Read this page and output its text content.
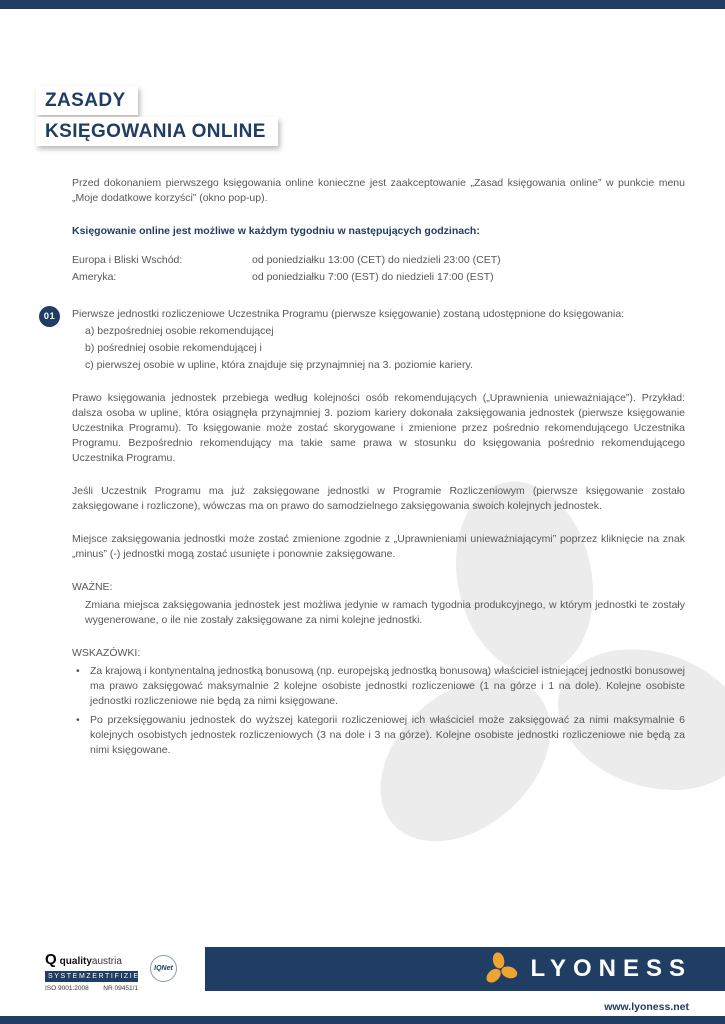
ZASADY
KSIĘGOWANIA ONLINE

Przed dokonaniem pierwszego księgowania online konieczne jest zaakceptowanie „Zasad księgowania online” w punkcie menu „Moje dodatkowe korzyści” (okno pop-up).

Księgowanie online jest możliwe w każdym tygodniu w następujących godzinach:

Europa i Bliski Wschód:	od poniedziałku 13:00 (CET) do niedzieli 23:00 (CET)
Ameryka:	od poniedziałku 7:00 (EST) do niedzieli 17:00 (EST)
01	Pierwsze jednostki rozliczeniowe Uczestnika Programu (pierwsze księgowanie) zostaną udostępnione do księgowania:

a) bezpośredniej osobie rekomendującej

b) pośredniej osobie rekomendującej i

c) pierwszej osobie w upline, która znajduje się przynajmniej na 3. poziomie kariery.

Prawo księgowania jednostek przebiega według kolejności osób rekomendujących („Uprawnienia unieważniające”). Przykład: dalsza osoba w upline, która osiągnęła przynajmniej 3. poziom kariery dokonała zaksięgowania jednostek (pierwsze księgowanie Uczestnika Programu). To księgowanie może zostać skorygowane i zmienione przez pośrednio rekomendującego Uczestnika Programu. Bezpośrednio rekomendujący ma takie same prawa w stosunku do księgowania pośrednio rekomendującego Uczestnika Programu.

Jeśli Uczestnik Programu ma już zaksięgowane jednostki w Programie Rozliczeniowym (pierwsze księgowanie zostało zaksięgowane i rozliczone), wówczas ma on prawo do samodzielnego zaksięgowania swoich kolejnych jednostek.

Miejsce zaksięgowania jednostki może zostać zmienione zgodnie z „Uprawnieniami unieważniającymi” poprzez kliknięcie na znak „minus” (-) jednostki mogą zostać usunięte i ponownie zaksięgowane.

WAŻNE:

Zmiana miejsca zaksięgowania jednostek jest możliwa jedynie w ramach tygodnia produkcyjnego, w którym jednostki te zostały wygenerowane, o ile nie zostały zaksięgowane za nimi kolejne jednostki.

WSKAZÓWKI:

• Za krajową i kontynentalną jednostką bonusową (np. europejską jednostką bonusową) właściciel istniejącej jednostki bonusowej ma prawo zaksięgować maksymalnie 2 kolejne osobiste jednostki rozliczeniowe (1 na górze i 1 na dole). Kolejne osobiste jednostki rozliczeniowe nie będą za nimi księgowane.
• Po przeksięgowaniu jednostek do wyższej kategorii rozliczeniowej ich właściciel może zaksięgować za nimi maksymalnie 6 kolejnych osobistych jednostek rozliczeniowych (3 na dole i 3 na górze). Kolejne osobiste jednostki rozliczeniowe nie będą za nimi księgowane.
LYONESS
Q quality austria
SYSTEMZERTIFIZIERT
ISO 9001:2008 NR 09451/1
IQNet
www.lyoness.net
